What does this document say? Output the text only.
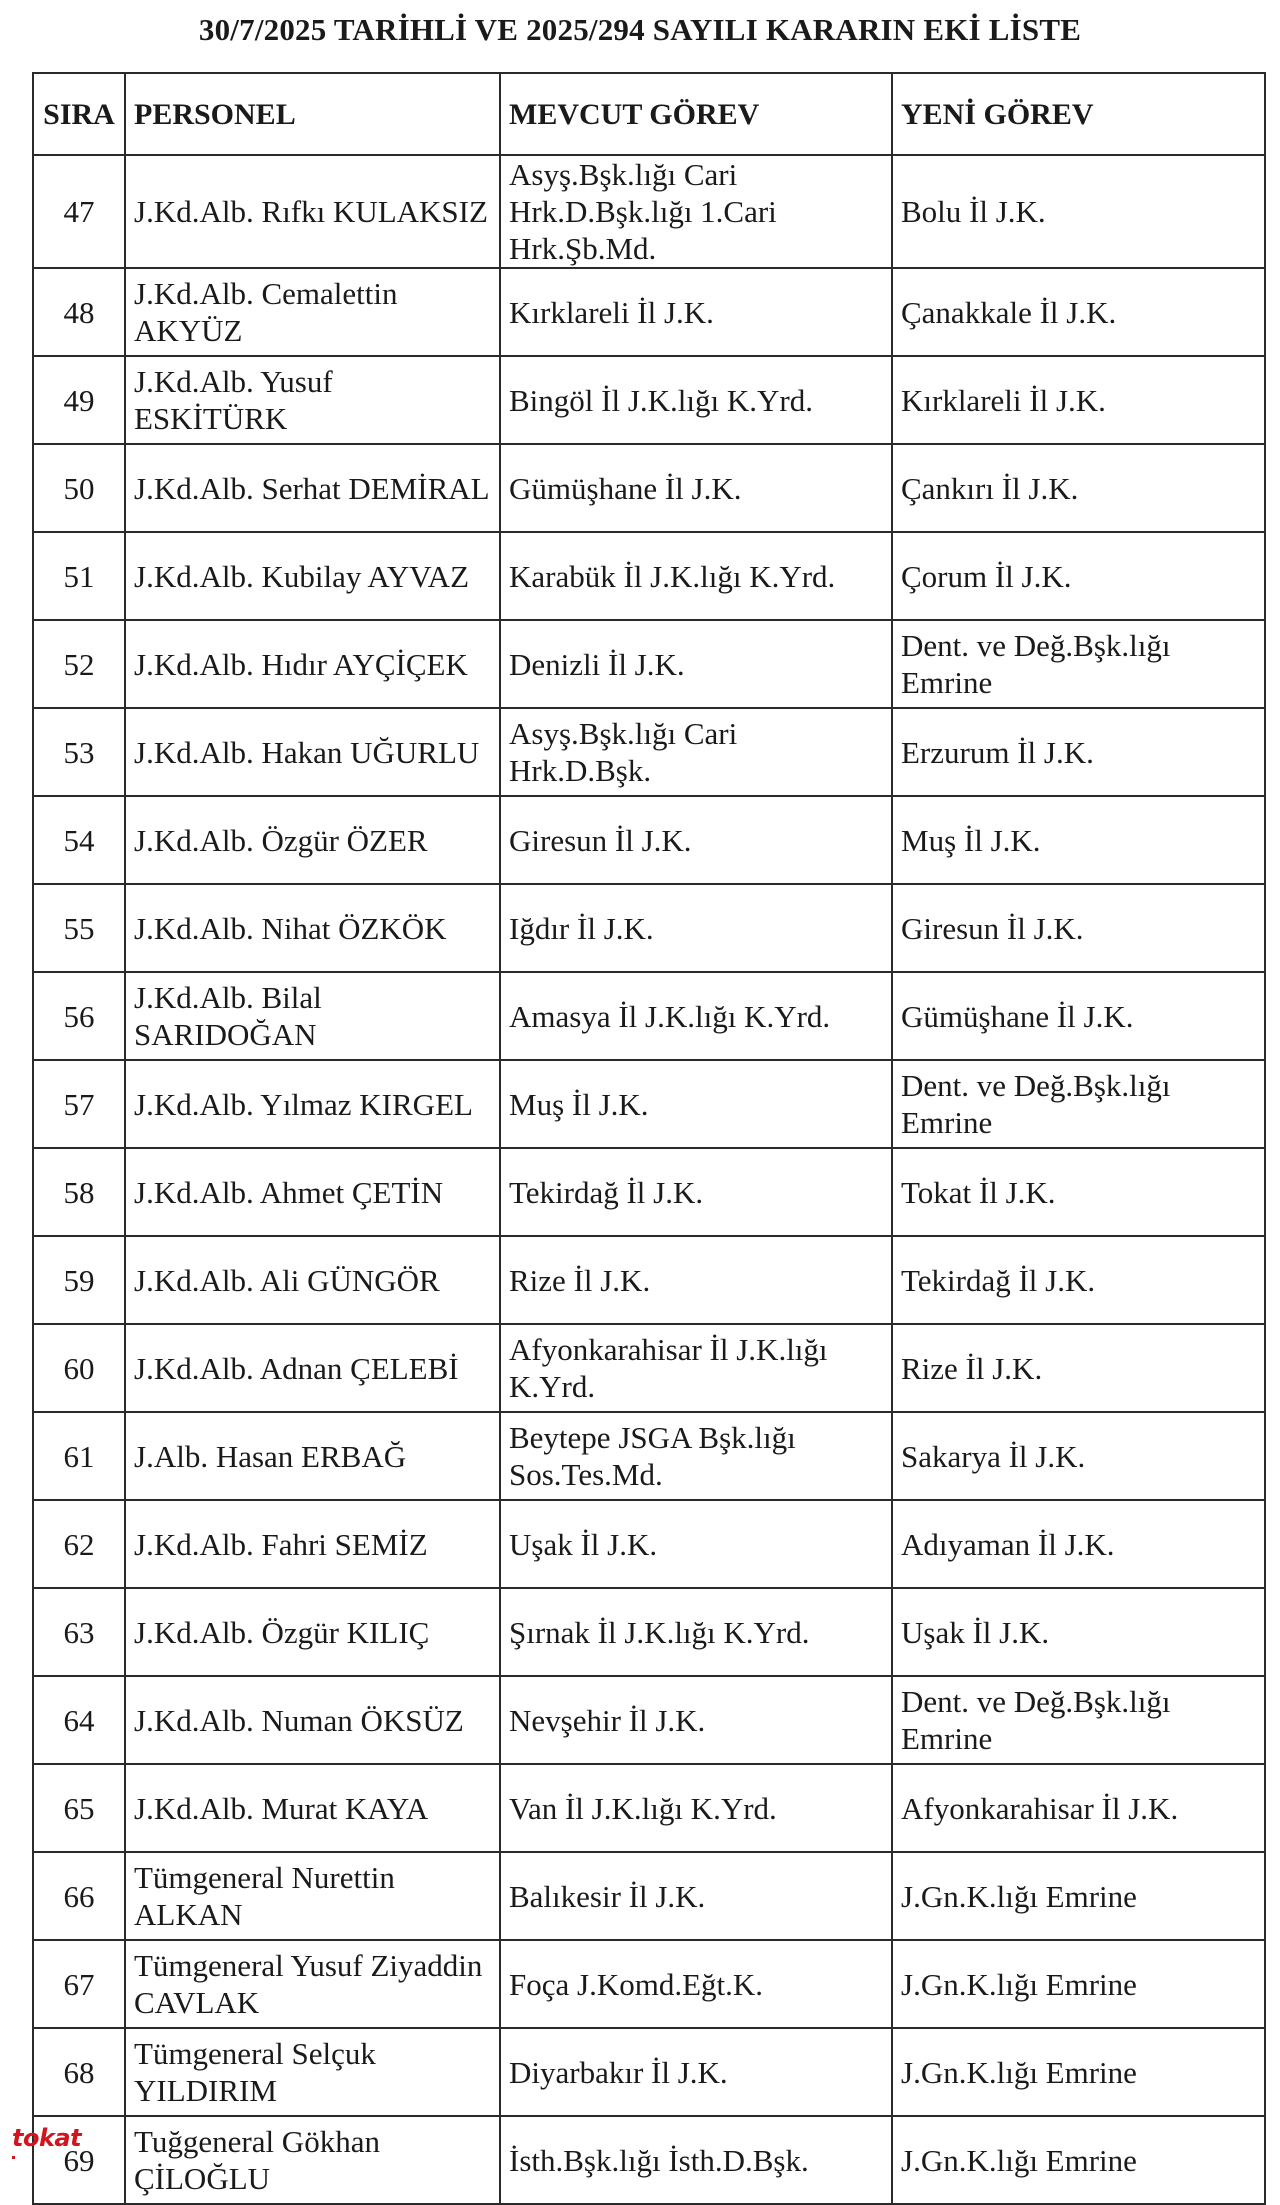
30/7/2025 TARİHLİ VE 2025/294 SAYILI KARARIN EKİ LİSTE
SIRA	PERSONEL	MEVCUT GÖREV	YENİ GÖREV
47	J.Kd.Alb. Rıfkı KULAKSIZ	Asyş.Bşk.lığı Cari Hrk.D.Bşk.lığı 1.Cari Hrk.Şb.Md.	Bolu İl J.K.
48	J.Kd.Alb. Cemalettin AKYÜZ	Kırklareli İl J.K.	Çanakkale İl J.K.
49	J.Kd.Alb. Yusuf ESKİTÜRK	Bingöl İl J.K.lığı K.Yrd.	Kırklareli İl J.K.
50	J.Kd.Alb. Serhat DEMİRAL	Gümüşhane İl J.K.	Çankırı İl J.K.
51	J.Kd.Alb. Kubilay AYVAZ	Karabük İl J.K.lığı K.Yrd.	Çorum İl J.K.
52	J.Kd.Alb. Hıdır AYÇİÇEK	Denizli İl J.K.	Dent. ve Değ.Bşk.lığı Emrine
53	J.Kd.Alb. Hakan UĞURLU	Asyş.Bşk.lığı Cari Hrk.D.Bşk.	Erzurum İl J.K.
54	J.Kd.Alb. Özgür ÖZER	Giresun İl J.K.	Muş İl J.K.
55	J.Kd.Alb. Nihat ÖZKÖK	Iğdır İl J.K.	Giresun İl J.K.
56	J.Kd.Alb. Bilal SARIDOĞAN	Amasya İl J.K.lığı K.Yrd.	Gümüşhane İl J.K.
57	J.Kd.Alb. Yılmaz KIRGEL	Muş İl J.K.	Dent. ve Değ.Bşk.lığı Emrine
58	J.Kd.Alb. Ahmet ÇETİN	Tekirdağ İl J.K.	Tokat İl J.K.
59	J.Kd.Alb. Ali GÜNGÖR	Rize İl J.K.	Tekirdağ İl J.K.
60	J.Kd.Alb. Adnan ÇELEBİ	Afyonkarahisar İl J.K.lığı K.Yrd.	Rize İl J.K.
61	J.Alb. Hasan ERBAĞ	Beytepe JSGA Bşk.lığı Sos.Tes.Md.	Sakarya İl J.K.
62	J.Kd.Alb. Fahri SEMİZ	Uşak İl J.K.	Adıyaman İl J.K.
63	J.Kd.Alb. Özgür KILIÇ	Şırnak İl J.K.lığı K.Yrd.	Uşak İl J.K.
64	J.Kd.Alb. Numan ÖKSÜZ	Nevşehir İl J.K.	Dent. ve Değ.Bşk.lığı Emrine
65	J.Kd.Alb. Murat KAYA	Van İl J.K.lığı K.Yrd.	Afyonkarahisar İl J.K.
66	Tümgeneral Nurettin ALKAN	Balıkesir İl J.K.	J.Gn.K.lığı Emrine
67	Tümgeneral Yusuf Ziyaddin CAVLAK	Foça J.Komd.Eğt.K.	J.Gn.K.lığı Emrine
68	Tümgeneral Selçuk YILDIRIM	Diyarbakır İl J.K.	J.Gn.K.lığı Emrine
69	Tuğgeneral Gökhan ÇİLOĞLU	İsth.Bşk.lığı İsth.D.Bşk.	J.Gn.K.lığı Emrine
tokat
